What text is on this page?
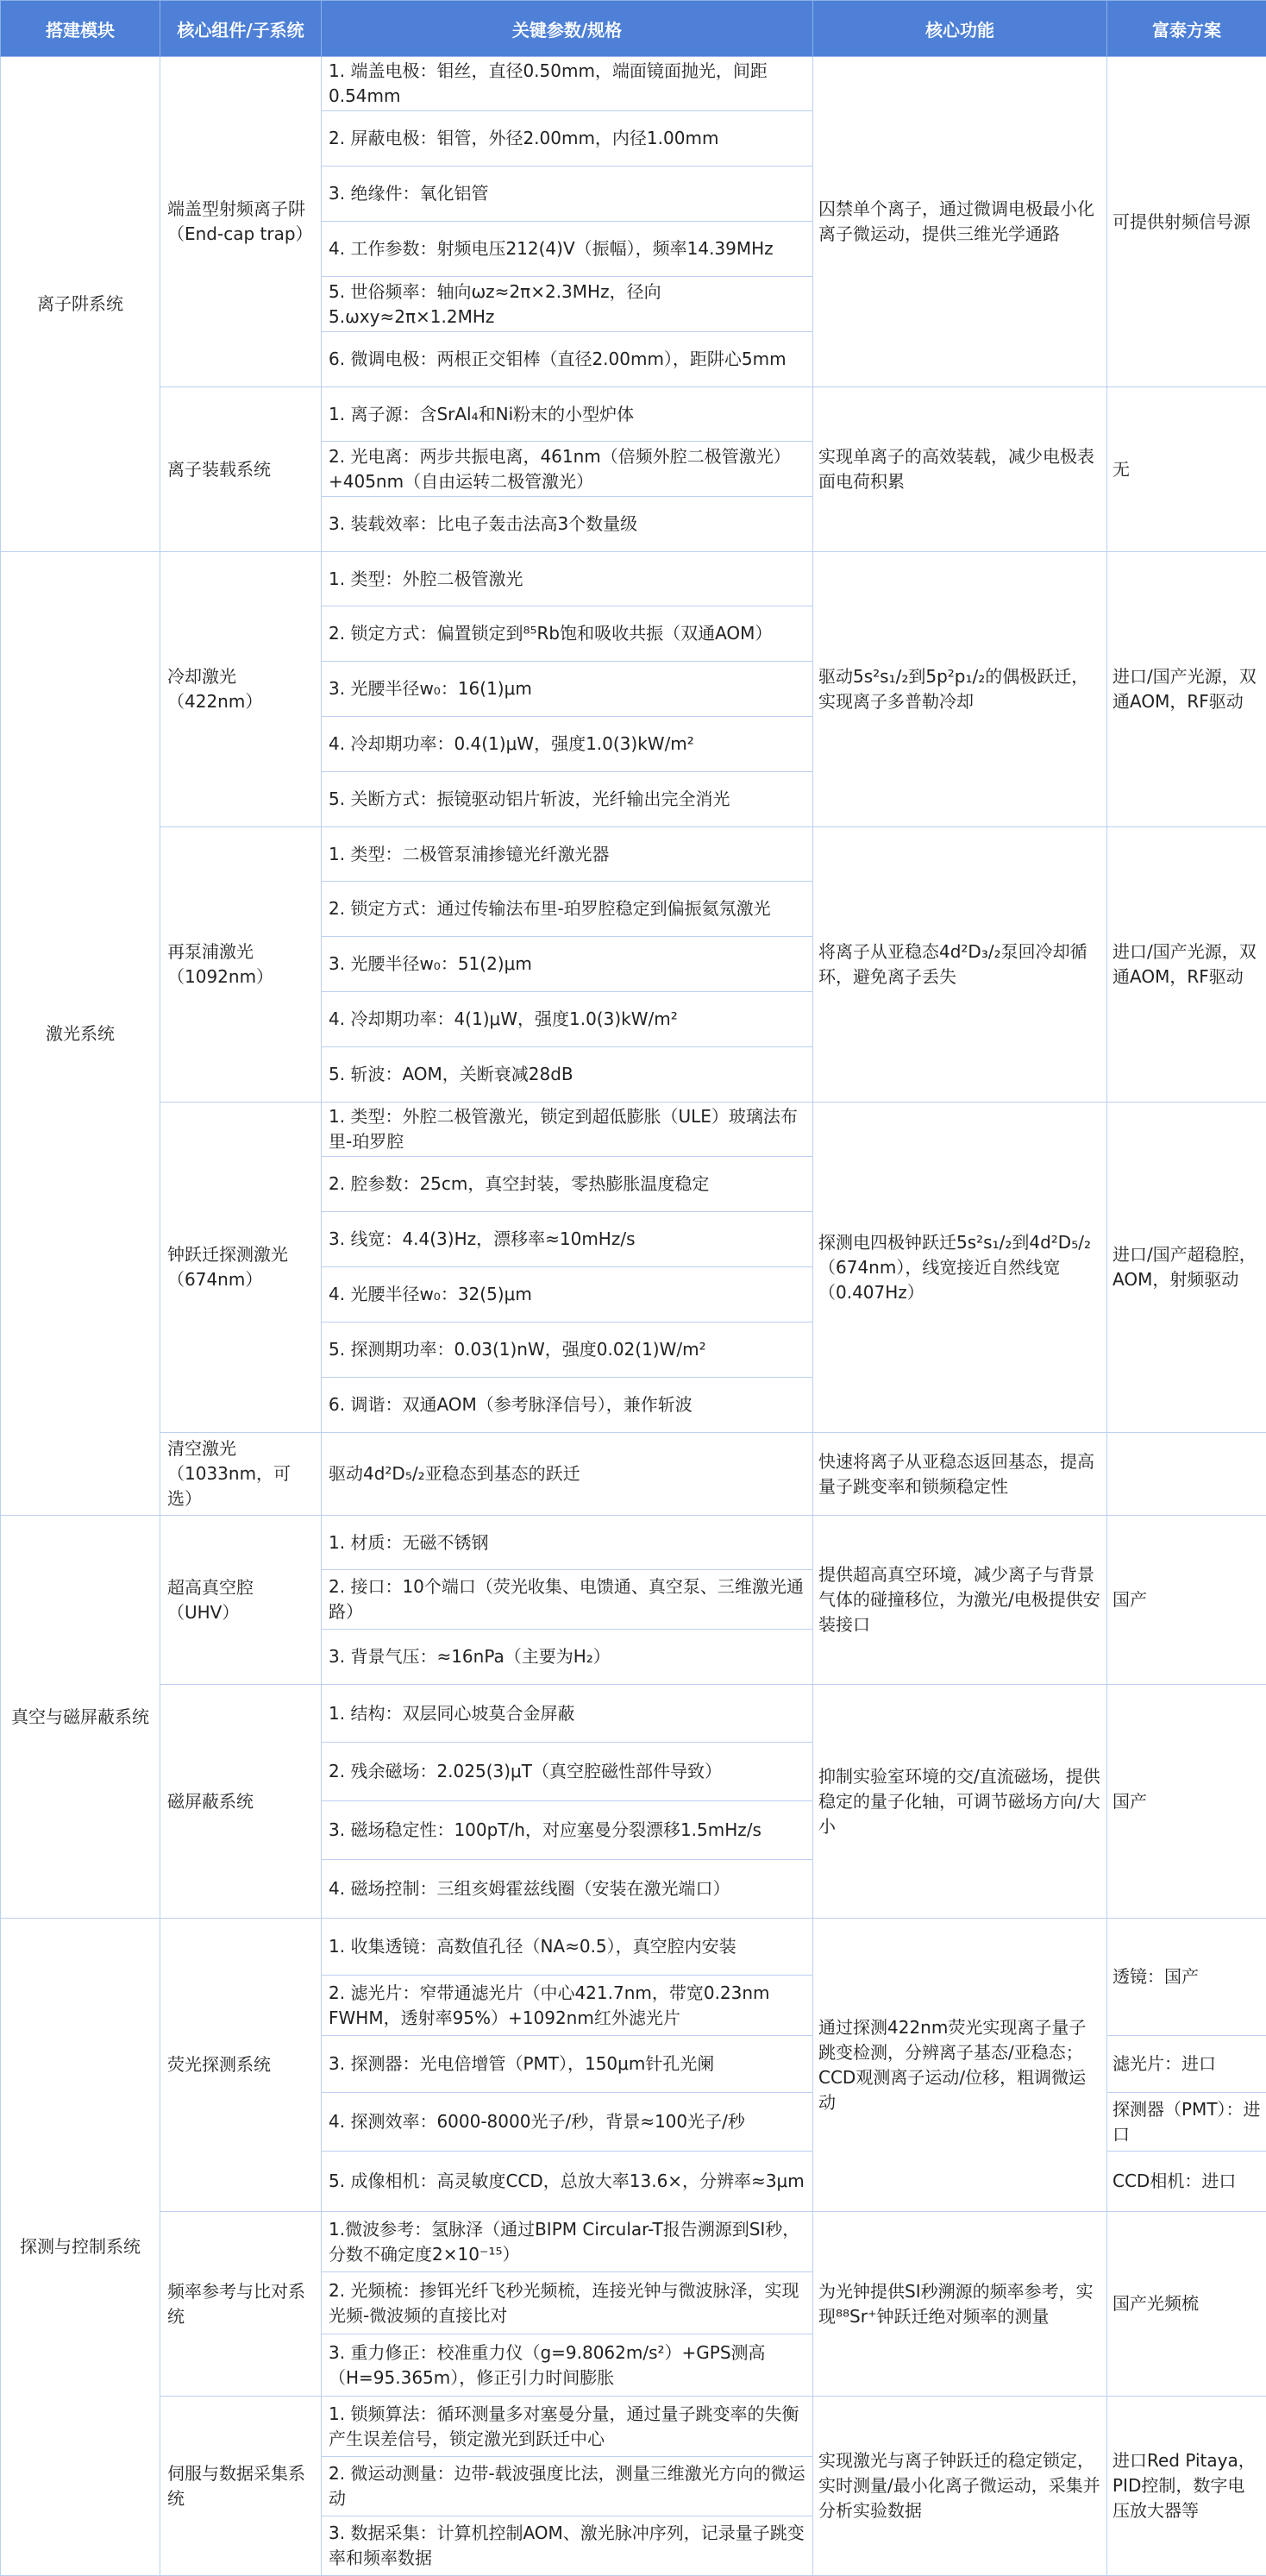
搭建模块	核心组件/子系统	关键参数/规格	核心功能	富泰方案
离子阱系统	端盖型射频离子阱（End-cap trap）	1. 端盖电极：钼丝，直径0.50mm，端面镜面抛光，间距0.54mm	囚禁单个离子，通过微调电极最小化离子微运动，提供三维光学通路	可提供射频信号源
		2. 屏蔽电极：钼管，外径2.00mm，内径1.00mm		
		3. 绝缘件：氧化铝管		
		4. 工作参数：射频电压212(4)V（振幅），频率14.39MHz		
		5. 世俗频率：轴向ωz≈2π×2.3MHz，径向5.ωxy≈2π×1.2MHz		
		6. 微调电极：两根正交钼棒（直径2.00mm），距阱心5mm		
	离子装载系统	1. 离子源：含SrAl₄和Ni粉末的小型炉体	实现单离子的高效装载，减少电极表面电荷积累	无
		2. 光电离：两步共振电离，461nm（倍频外腔二极管激光）+405nm（自由运转二极管激光）		
		3. 装载效率：比电子轰击法高3个数量级		
激光系统	冷却激光（422nm）	1. 类型：外腔二极管激光	驱动5s²s₁/₂到5p²p₁/₂的偶极跃迁，实现离子多普勒冷却	进口/国产光源，双通AOM，RF驱动
		2. 锁定方式：偏置锁定到⁸⁵Rb饱和吸收共振（双通AOM）		
		3. 光腰半径w₀：16(1)μm		
		4. 冷却期功率：0.4(1)μW，强度1.0(3)kW/m²		
		5. 关断方式：振镜驱动铝片斩波，光纤输出完全消光		
	再泵浦激光（1092nm）	1. 类型：二极管泵浦掺镱光纤激光器	将离子从亚稳态4d²D₃/₂泵回冷却循环，避免离子丢失	进口/国产光源，双通AOM，RF驱动
		2. 锁定方式：通过传输法布里-珀罗腔稳定到偏振氦氖激光		
		3. 光腰半径w₀：51(2)μm		
		4. 冷却期功率：4(1)μW，强度1.0(3)kW/m²		
		5. 斩波：AOM，关断衰减28dB		
	钟跃迁探测激光（674nm）	1. 类型：外腔二极管激光，锁定到超低膨胀（ULE）玻璃法布里-珀罗腔	探测电四极钟跃迁5s²s₁/₂到4d²D₅/₂（674nm），线宽接近自然线宽（0.407Hz）	进口/国产超稳腔，AOM，射频驱动
		2. 腔参数：25cm，真空封装，零热膨胀温度稳定		
		3. 线宽：4.4(3)Hz，漂移率≈10mHz/s		
		4. 光腰半径w₀：32(5)μm		
		5. 探测期功率：0.03(1)nW，强度0.02(1)W/m²		
		6. 调谐：双通AOM（参考脉泽信号），兼作斩波		
	清空激光（1033nm，可选）	驱动4d²D₅/₂亚稳态到基态的跃迁	快速将离子从亚稳态返回基态，提高量子跳变率和锁频稳定性	
真空与磁屏蔽系统	超高真空腔（UHV）	1. 材质：无磁不锈钢	提供超高真空环境，减少离子与背景气体的碰撞移位，为激光/电极提供安装接口	国产
		2. 接口：10个端口（荧光收集、电馈通、真空泵、三维激光通路）		
		3. 背景气压：≈16nPa（主要为H₂）		
	磁屏蔽系统	1. 结构：双层同心坡莫合金屏蔽	抑制实验室环境的交/直流磁场，提供稳定的量子化轴，可调节磁场方向/大小	国产
		2. 残余磁场：2.025(3)μT（真空腔磁性部件导致）		
		3. 磁场稳定性：100pT/h，对应塞曼分裂漂移1.5mHz/s		
		4. 磁场控制：三组亥姆霍兹线圈（安装在激光端口）		
探测与控制系统	荧光探测系统	1. 收集透镜：高数值孔径（NA≈0.5），真空腔内安装	通过探测422nm荧光实现离子量子跳变检测，分辨离子基态/亚稳态；CCD观测离子运动/位移，粗调微运动	透镜：国产
		2. 滤光片：窄带通滤光片（中心421.7nm，带宽0.23nm FWHM，透射率95%）+1092nm红外滤光片		
		3. 探测器：光电倍增管（PMT），150μm针孔光阑		滤光片：进口
		4. 探测效率：6000-8000光子/秒，背景≈100光子/秒		探测器（PMT）：进口
		5. 成像相机：高灵敏度CCD，总放大率13.6×，分辨率≈3μm		CCD相机：进口
	频率参考与比对系统	1.微波参考：氢脉泽（通过BIPM Circular-T报告溯源到SI秒，分数不确定度2×10⁻¹⁵）	为光钟提供SI秒溯源的频率参考，实现⁸⁸Sr⁺钟跃迁绝对频率的测量	国产光频梳
		2. 光频梳：掺铒光纤飞秒光频梳，连接光钟与微波脉泽，实现光频-微波频的直接比对		
		3. 重力修正：校准重力仪（g=9.8062m/s²）+GPS测高（H=95.365m），修正引力时间膨胀		
	伺服与数据采集系统	1. 锁频算法：循环测量多对塞曼分量，通过量子跳变率的失衡产生误差信号，锁定激光到跃迁中心	实现激光与离子钟跃迁的稳定锁定，实时测量/最小化离子微运动，采集并分析实验数据	进口Red Pitaya，PID控制，数字电压放大器等
		2. 微运动测量：边带-载波强度比法，测量三维激光方向的微运动		
		3. 数据采集：计算机控制AOM、激光脉冲序列，记录量子跳变率和频率数据		
